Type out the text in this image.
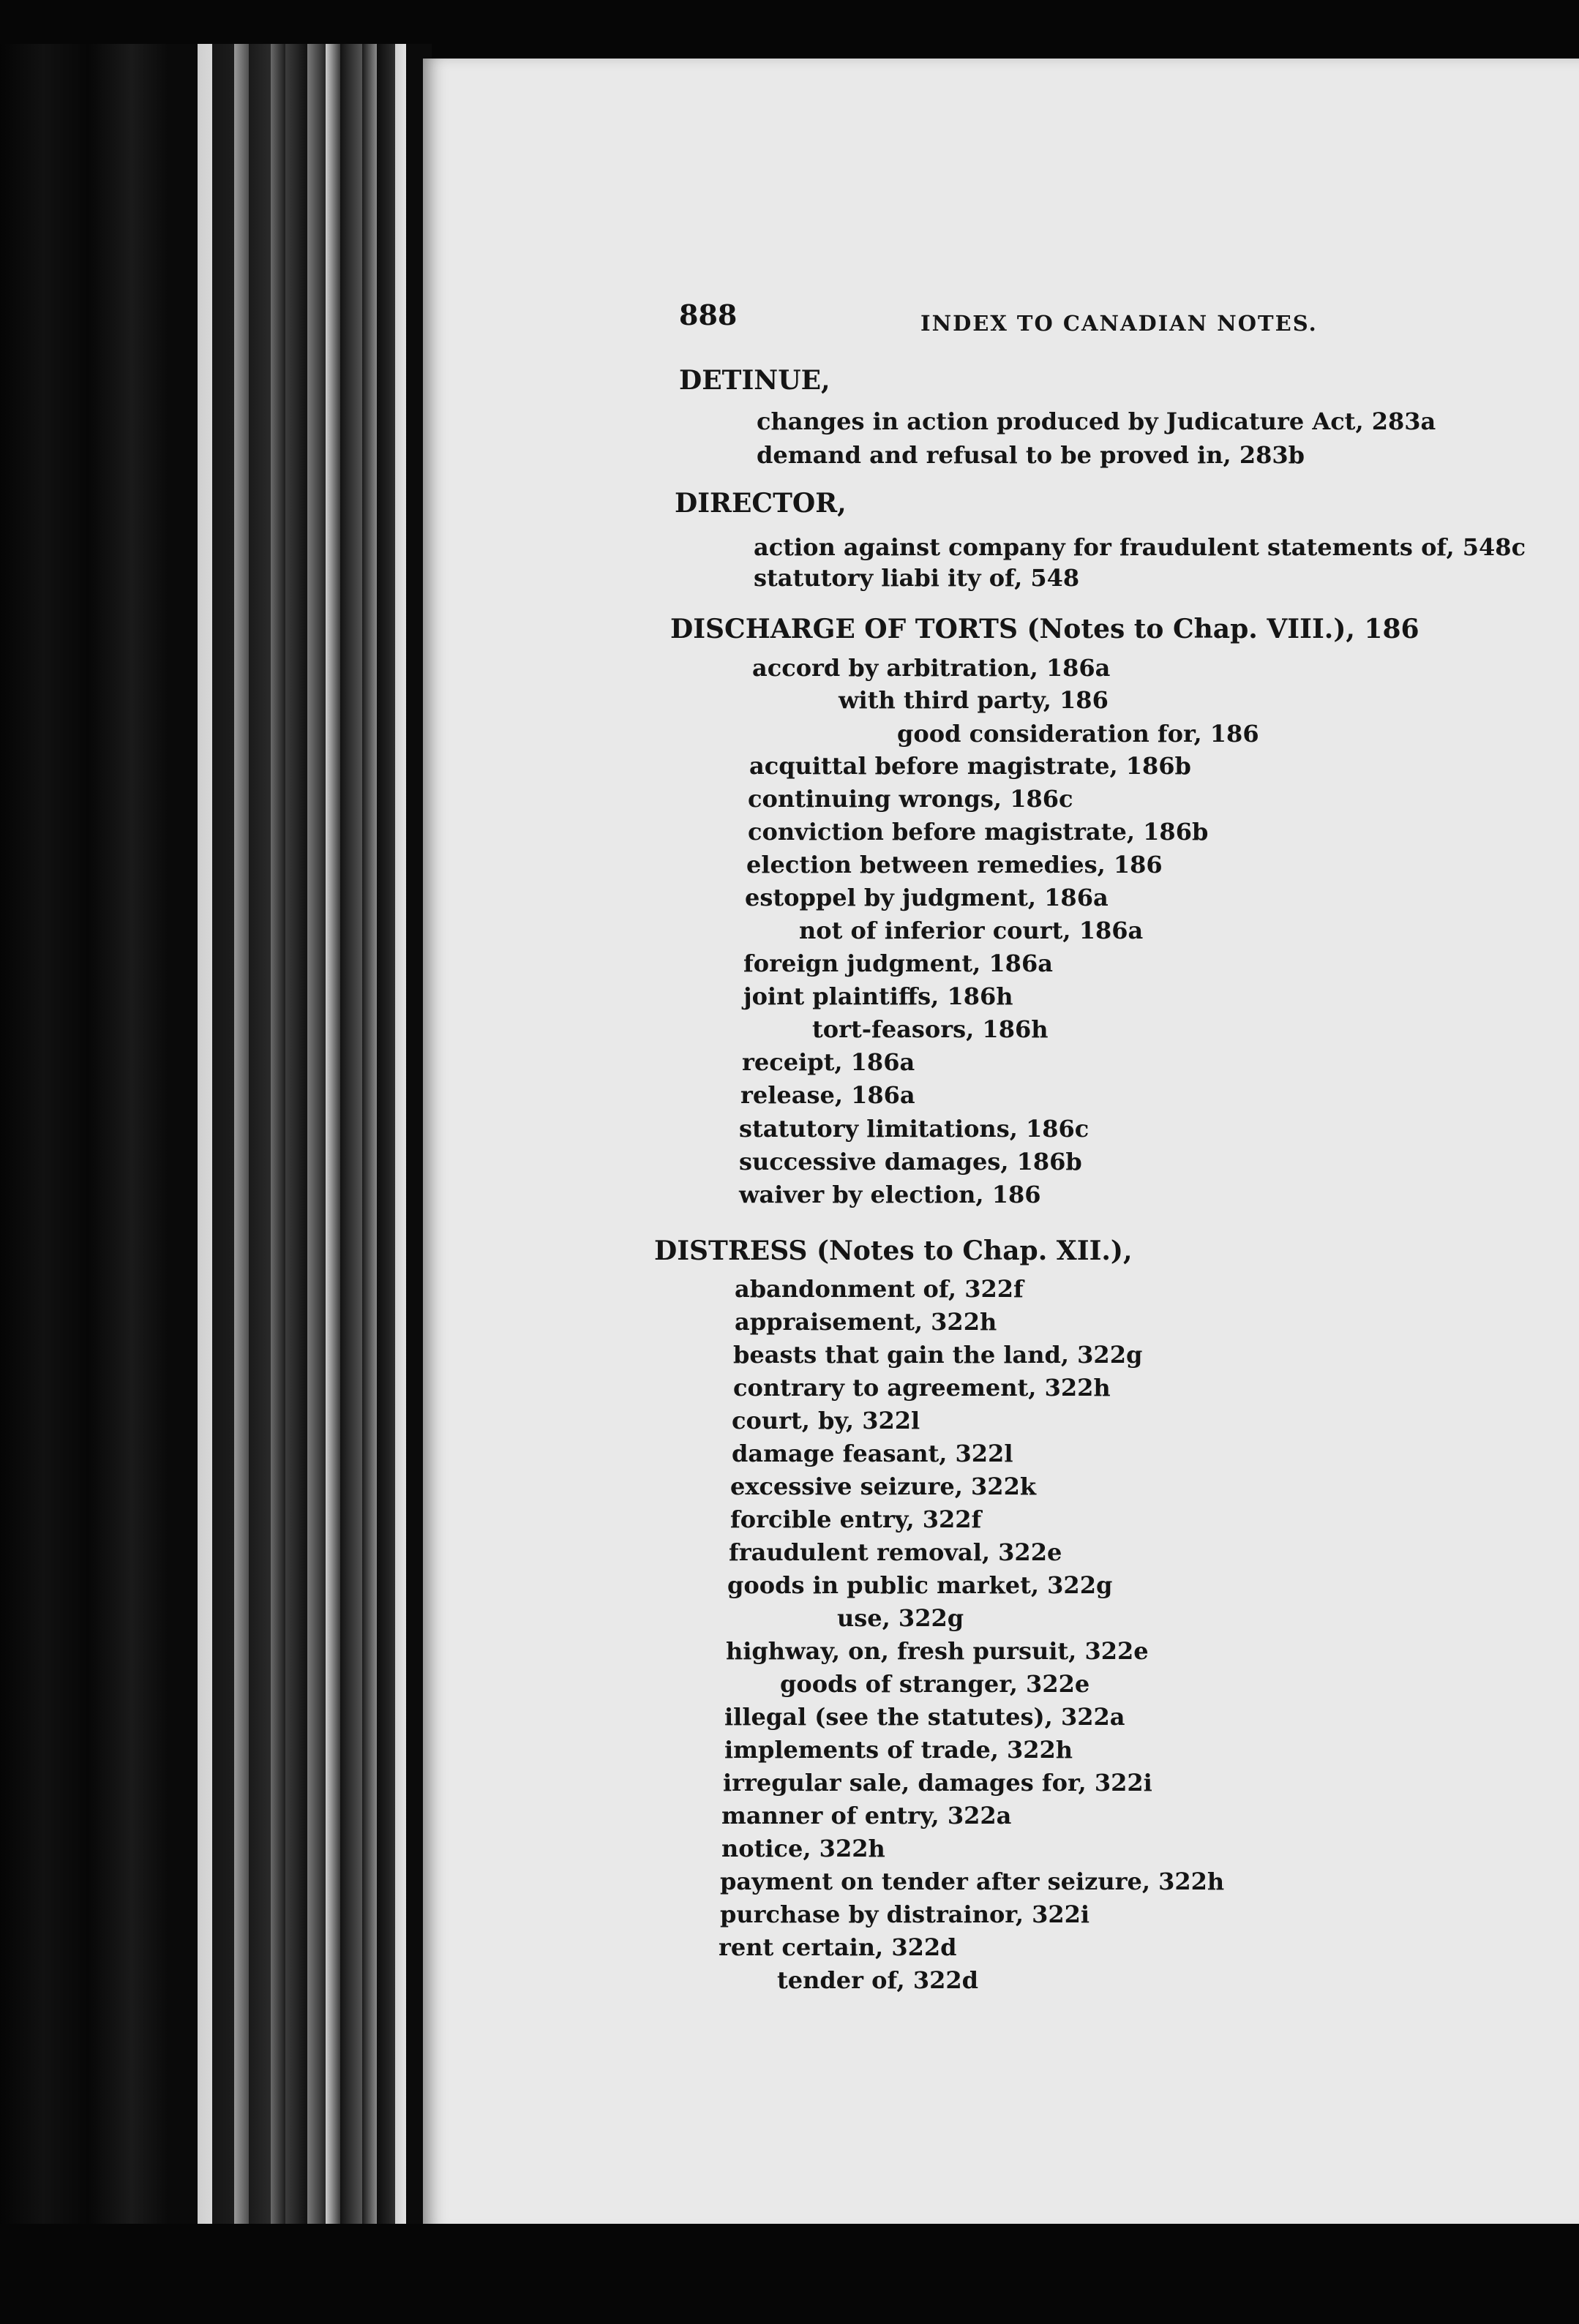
888	INDEX TO CANADIAN NOTES.
DETINUE,
changes in action produced by Judicature Act, 283a
demand and refusal to be proved in, 283b
DIRECTOR,
action against company for fraudulent statements of, 548c
statutory liabi ity of, 548
DISCHARGE OF TORTS (Notes to Chap. VIII.), 186
accord by arbitration, 186a
with third party, 186
good consideration for, 186
acquittal before magistrate, 186b
continuing wrongs, 186c
conviction before magistrate, 186b
election between remedies, 186
estoppel by judgment, 186a
not of inferior court, 186a
foreign judgment, 186a
joint plaintiffs, 186h
tort-feasors, 186h
receipt, 186a
release, 186a
statutory limitations, 186c
successive damages, 186b
waiver by election, 186
DISTRESS (Notes to Chap. XII.),
abandonment of, 322f
appraisement, 322h
beasts that gain the land, 322g
contrary to agreement, 322h
court, by, 322l
damage feasant, 322l
excessive seizure, 322k
forcible entry, 322f
fraudulent removal, 322e
goods in public market, 322g
use, 322g
highway, on, fresh pursuit, 322e
goods of stranger, 322e
illegal (see the statutes), 322a
implements of trade, 322h
irregular sale, damages for, 322i
manner of entry, 322a
notice, 322h
payment on tender after seizure, 322h
purchase by distrainor, 322i
rent certain, 322d
tender of, 322d
